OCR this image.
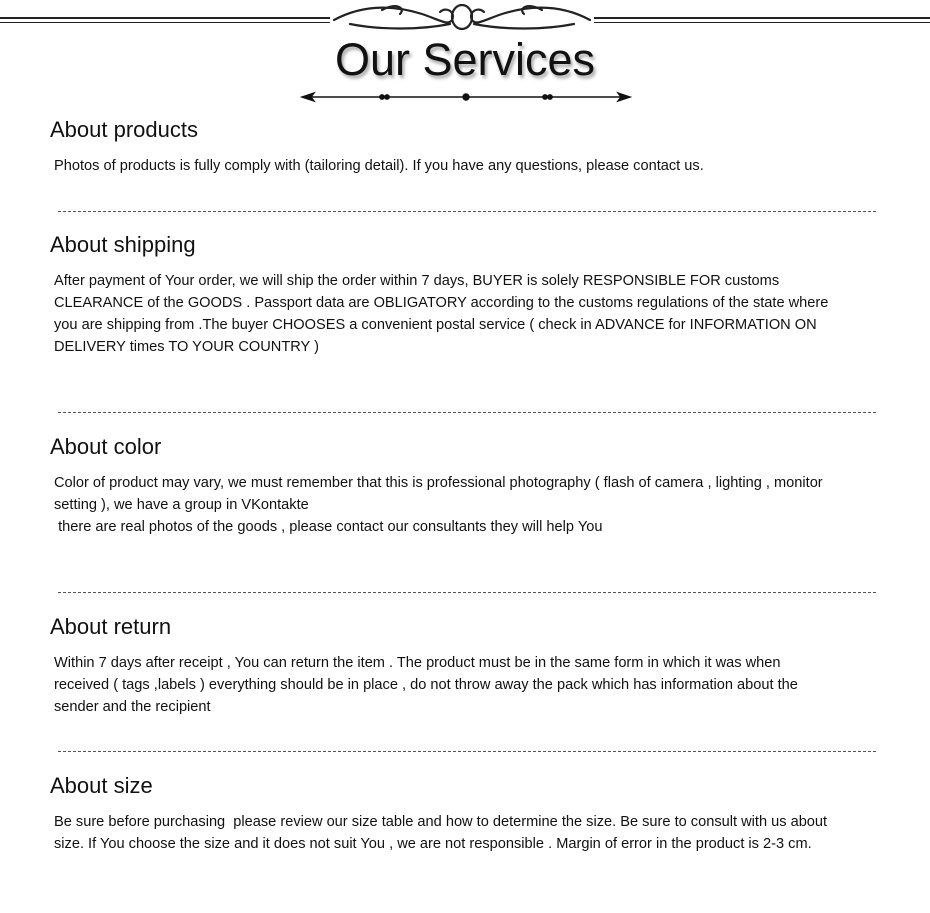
Our Services
About products
Photos of products is fully comply with (tailoring detail). If you have any questions, please contact us.
About shipping
After payment of Your order, we will ship the order within 7 days, BUYER is solely RESPONSIBLE FOR customs
CLEARANCE of the GOODS . Passport data are OBLIGATORY according to the customs regulations of the state where
you are shipping from .The buyer CHOOSES a convenient postal service ( check in ADVANCE for INFORMATION ON
DELIVERY times TO YOUR COUNTRY )
About color
Color of product may vary, we must remember that this is professional photography ( flash of camera , lighting , monitor
setting ), we have a group in VKontakte
there are real photos of the goods , please contact our consultants they will help You
About return
Within 7 days after receipt , You can return the item . The product must be in the same form in which it was when
received ( tags ,labels ) everything should be in place , do not throw away the pack which has information about the
sender and the recipient
About size
Be sure before purchasing  please review our size table and how to determine the size. Be sure to consult with us about
size. If You choose the size and it does not suit You , we are not responsible . Margin of error in the product is 2-3 cm.
